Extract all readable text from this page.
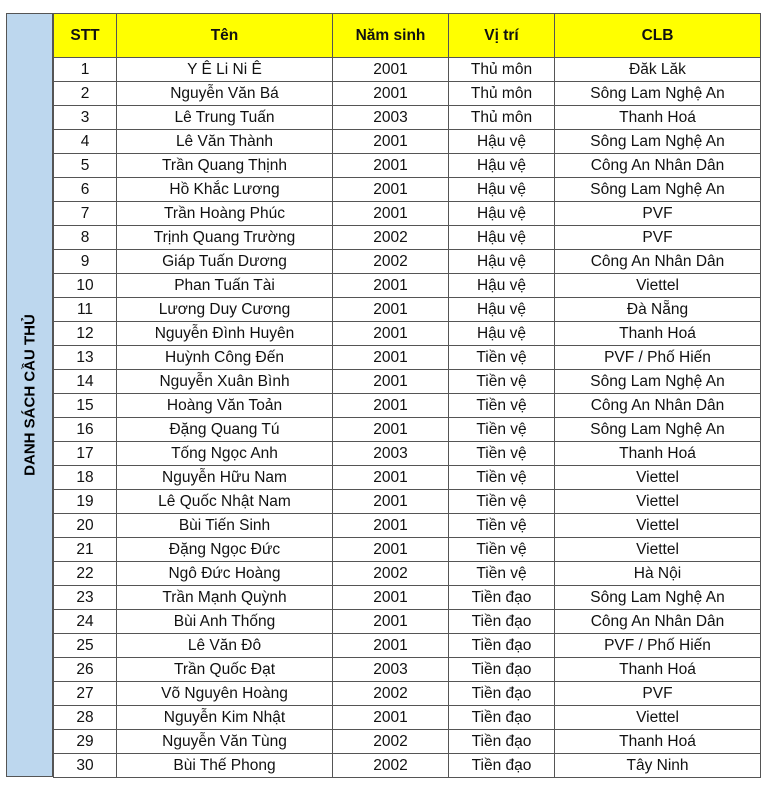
DANH SÁCH CẦU THỦ
STT	Tên	Năm sinh	Vị trí	CLB
1	Y Ê Li Ni Ê	2001	Thủ môn	Đăk Lăk
2	Nguyễn Văn Bá	2001	Thủ môn	Sông Lam Nghệ An
3	Lê Trung Tuấn	2003	Thủ môn	Thanh Hoá
4	Lê Văn Thành	2001	Hậu vệ	Sông Lam Nghệ An
5	Trần Quang Thịnh	2001	Hậu vệ	Công An Nhân Dân
6	Hồ Khắc Lương	2001	Hậu vệ	Sông Lam Nghệ An
7	Trần Hoàng Phúc	2001	Hậu vệ	PVF
8	Trịnh Quang Trường	2002	Hậu vệ	PVF
9	Giáp Tuấn Dương	2002	Hậu vệ	Công An Nhân Dân
10	Phan Tuấn Tài	2001	Hậu vệ	Viettel
11	Lương Duy Cương	2001	Hậu vệ	Đà Nẵng
12	Nguyễn Đình Huyên	2001	Hậu vệ	Thanh Hoá
13	Huỳnh Công Đến	2001	Tiền vệ	PVF / Phố Hiến
14	Nguyễn Xuân Bình	2001	Tiền vệ	Sông Lam Nghệ An
15	Hoàng Văn Toản	2001	Tiền vệ	Công An Nhân Dân
16	Đặng Quang Tú	2001	Tiền vệ	Sông Lam Nghệ An
17	Tống Ngọc Anh	2003	Tiền vệ	Thanh Hoá
18	Nguyễn Hữu Nam	2001	Tiền vệ	Viettel
19	Lê Quốc Nhật Nam	2001	Tiền vệ	Viettel
20	Bùi Tiến Sinh	2001	Tiền vệ	Viettel
21	Đặng Ngọc Đức	2001	Tiền vệ	Viettel
22	Ngô Đức Hoàng	2002	Tiền vệ	Hà Nội
23	Trần Mạnh Quỳnh	2001	Tiền đạo	Sông Lam Nghệ An
24	Bùi Anh Thống	2001	Tiền đạo	Công An Nhân Dân
25	Lê Văn Đô	2001	Tiền đạo	PVF / Phố Hiến
26	Trần Quốc Đạt	2003	Tiền đạo	Thanh Hoá
27	Võ Nguyên Hoàng	2002	Tiền đạo	PVF
28	Nguyễn Kim Nhật	2001	Tiền đạo	Viettel
29	Nguyễn Văn Tùng	2002	Tiền đạo	Thanh Hoá
30	Bùi Thế Phong	2002	Tiền đạo	Tây Ninh
